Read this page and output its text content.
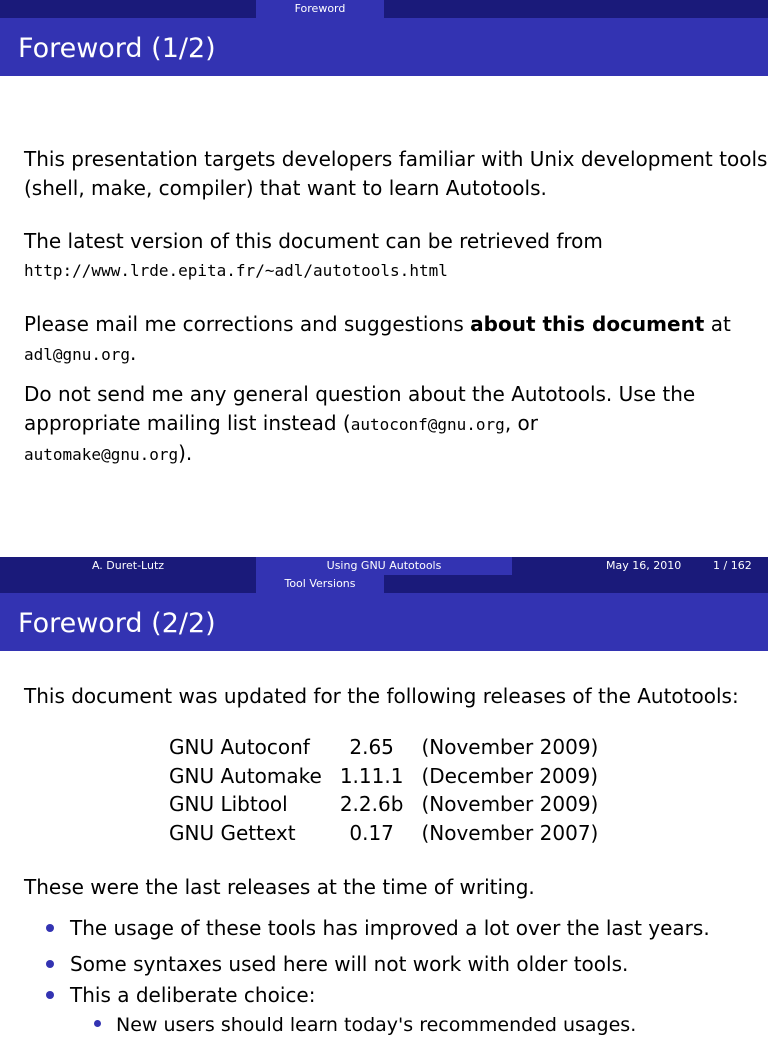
Foreword
Foreword (1/2)
This presentation targets developers familiar with Unix development tools
(shell, make, compiler) that want to learn Autotools.
The latest version of this document can be retrieved from
http://www.lrde.epita.fr/~adl/autotools.html
Please mail me corrections and suggestions about this document at
adl@gnu.org.
Do not send me any general question about the Autotools. Use the
appropriate mailing list instead (autoconf@gnu.org, or
automake@gnu.org).
A. Duret-Lutz	Using GNU Autotools	May 16, 2010	1 / 162
Tool Versions
Foreword (2/2)
This document was updated for the following releases of the Autotools:
GNU Autoconf	2.65	(November 2009)
GNU Automake	1.11.1	(December 2009)
GNU Libtool	2.2.6b	(November 2009)
GNU Gettext	0.17	(November 2007)
These were the last releases at the time of writing.
The usage of these tools has improved a lot over the last years.
Some syntaxes used here will not work with older tools.
This a deliberate choice:
New users should learn today's recommended usages.
